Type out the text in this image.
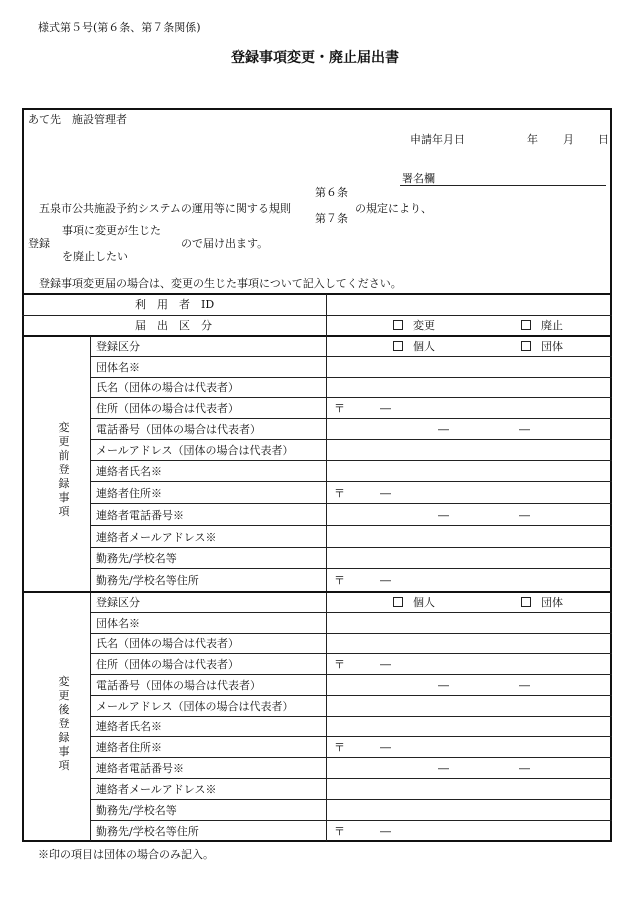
様式第５号(第６条、第７条関係)
登録事項変更・廃止届出書
あて先　施設管理者
申請年月日	年 月 日
署名欄
第６条
五泉市公共施設予約システムの運用等に関する規則	の規定により、
第７条
事項に変更が生じた
登録	ので届け出ます。
を廃止したい
登録事項変更届の場合は、変更の生じた事項について記入してください。
利　用　者　ID
届　出　区　分	変更	廃止
変更前登録事項
登録区分	個人	団体
団体名※
氏名（団体の場合は代表者）
住所（団体の場合は代表者）	〒	―
電話番号（団体の場合は代表者）	―	―
メールアドレス（団体の場合は代表者）
連絡者氏名※
連絡者住所※	〒	―
連絡者電話番号※	―	―
連絡者メールアドレス※
勤務先/学校名等
勤務先/学校名等住所	〒	―
変更後登録事項
登録区分	個人	団体
団体名※
氏名（団体の場合は代表者）
住所（団体の場合は代表者）	〒	―
電話番号（団体の場合は代表者）	―	―
メールアドレス（団体の場合は代表者）
連絡者氏名※
連絡者住所※	〒	―
連絡者電話番号※	―	―
連絡者メールアドレス※
勤務先/学校名等
勤務先/学校名等住所	〒	―
※印の項目は団体の場合のみ記入。
